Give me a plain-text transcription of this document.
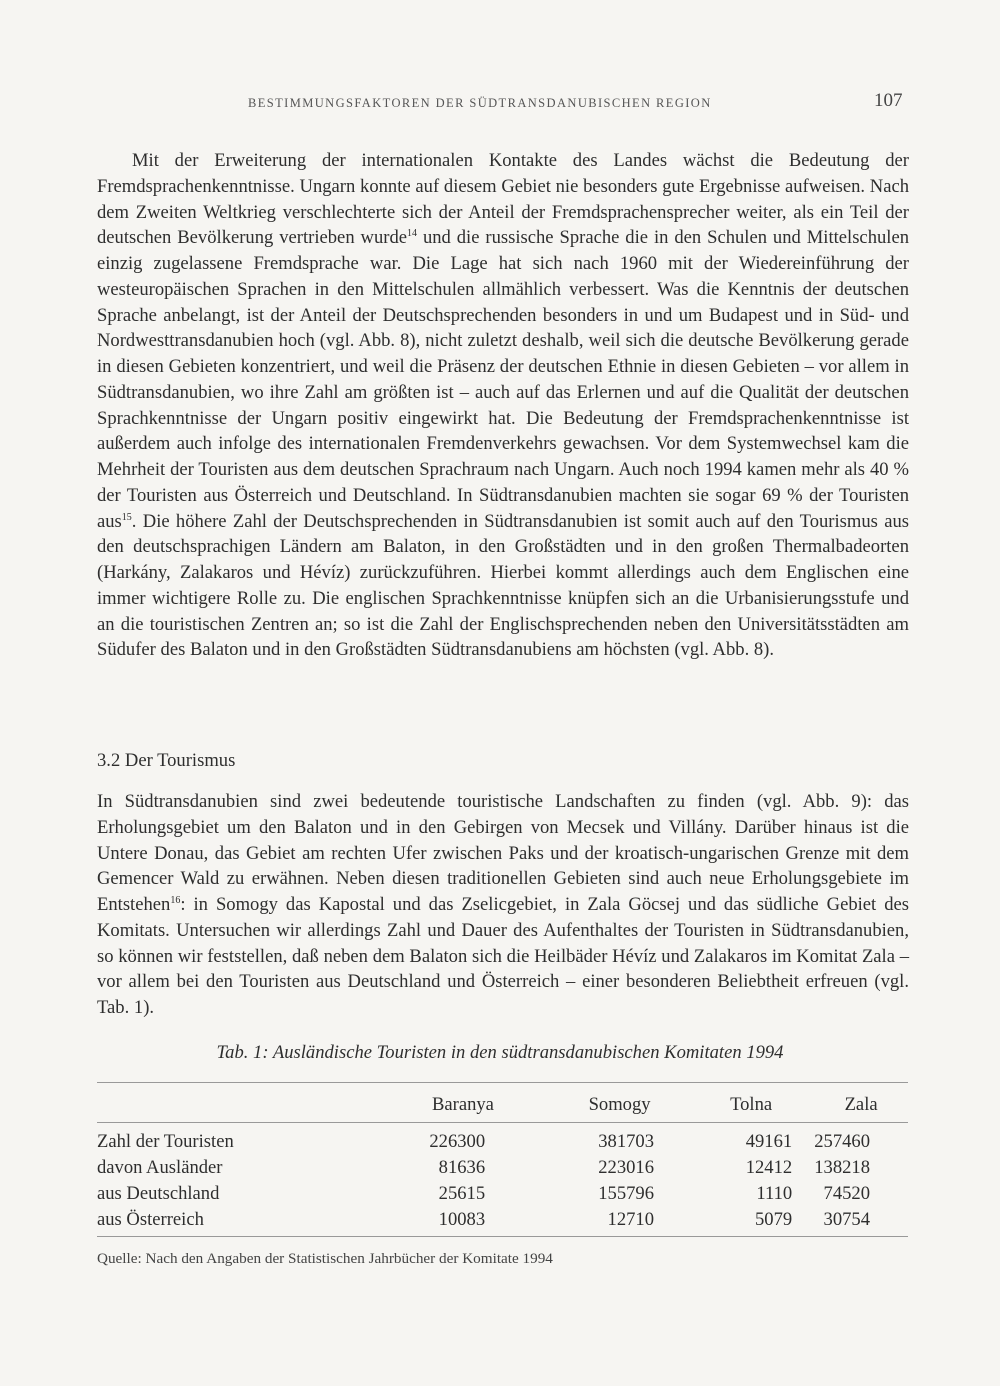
BESTIMMUNGSFAKTOREN DER SÜDTRANSDANUBISCHEN REGION	107

Mit der Erweiterung der internationalen Kontakte des Landes wächst die Bedeutung der Fremdsprachenkenntnisse. Ungarn konnte auf diesem Gebiet nie besonders gute Ergebnisse aufweisen. Nach dem Zweiten Weltkrieg verschlechterte sich der Anteil der Fremdsprachensprecher weiter, als ein Teil der deutschen Bevölkerung vertrieben wurde$^{14}$ und die russische Sprache die in den Schulen und Mittelschulen einzig zugelassene Fremdsprache war. Die Lage hat sich nach 1960 mit der Wiedereinführung der westeuropäischen Sprachen in den Mittelschulen allmählich verbessert. Was die Kenntnis der deutschen Sprache anbelangt, ist der Anteil der Deutschsprechenden besonders in und um Budapest und in Süd- und Nordwesttransdanubien hoch (vgl. Abb. 8), nicht zuletzt deshalb, weil sich die deutsche Bevölkerung gerade in diesen Gebieten konzentriert, und weil die Präsenz der deutschen Ethnie in diesen Gebieten – vor allem in Südtransdanubien, wo ihre Zahl am größten ist – auch auf das Erlernen und auf die Qualität der deutschen Sprachkenntnisse der Ungarn positiv eingewirkt hat. Die Bedeutung der Fremdsprachenkenntnisse ist außerdem auch infolge des internationalen Fremdenverkehrs gewachsen. Vor dem Systemwechsel kam die Mehrheit der Touristen aus dem deutschen Sprachraum nach Ungarn. Auch noch 1994 kamen mehr als 40 % der Touristen aus Österreich und Deutschland. In Südtransdanubien machten sie sogar 69 % der Touristen aus$^{15}$. Die höhere Zahl der Deutschsprechenden in Südtransdanubien ist somit auch auf den Tourismus aus den deutschsprachigen Ländern am Balaton, in den Großstädten und in den großen Thermalbadeorten (Harkány, Zalakaros und Hévíz) zurückzuführen. Hierbei kommt allerdings auch dem Englischen eine immer wichtigere Rolle zu. Die englischen Sprachkenntnisse knüpfen sich an die Urbanisierungsstufe und an die touristischen Zentren an; so ist die Zahl der Englischsprechenden neben den Universitätsstädten am Südufer des Balaton und in den Großstädten Südtransdanubiens am höchsten (vgl. Abb. 8).

3.2 Der Tourismus

In Südtransdanubien sind zwei bedeutende touristische Landschaften zu finden (vgl. Abb. 9): das Erholungsgebiet um den Balaton und in den Gebirgen von Mecsek und Villány. Darüber hinaus ist die Untere Donau, das Gebiet am rechten Ufer zwischen Paks und der kroatisch-ungarischen Grenze mit dem Gemencer Wald zu erwähnen. Neben diesen traditionellen Gebieten sind auch neue Erholungsgebiete im Entstehen$^{16}$: in Somogy das Kapostal und das Zselicgebiet, in Zala Göcsej und das südliche Gebiet des Komitats. Untersuchen wir allerdings Zahl und Dauer des Aufenthaltes der Touristen in Südtransdanubien, so können wir feststellen, daß neben dem Balaton sich die Heilbäder Hévíz und Zalakaros im Komitat Zala – vor allem bei den Touristen aus Deutschland und Österreich – einer besonderen Beliebtheit erfreuen (vgl. Tab. 1).

Tab. 1: Ausländische Touristen in den südtransdanubischen Komitaten 1994
	Baranya	Somogy	Tolna	Zala
Zahl der Touristen	226300	381703	49161	257460
davon Ausländer	81636	223016	12412	138218
aus Deutschland	25615	155796	1110	74520
aus Österreich	10083	12710	5079	30754
Quelle: Nach den Angaben der Statistischen Jahrbücher der Komitate 1994
